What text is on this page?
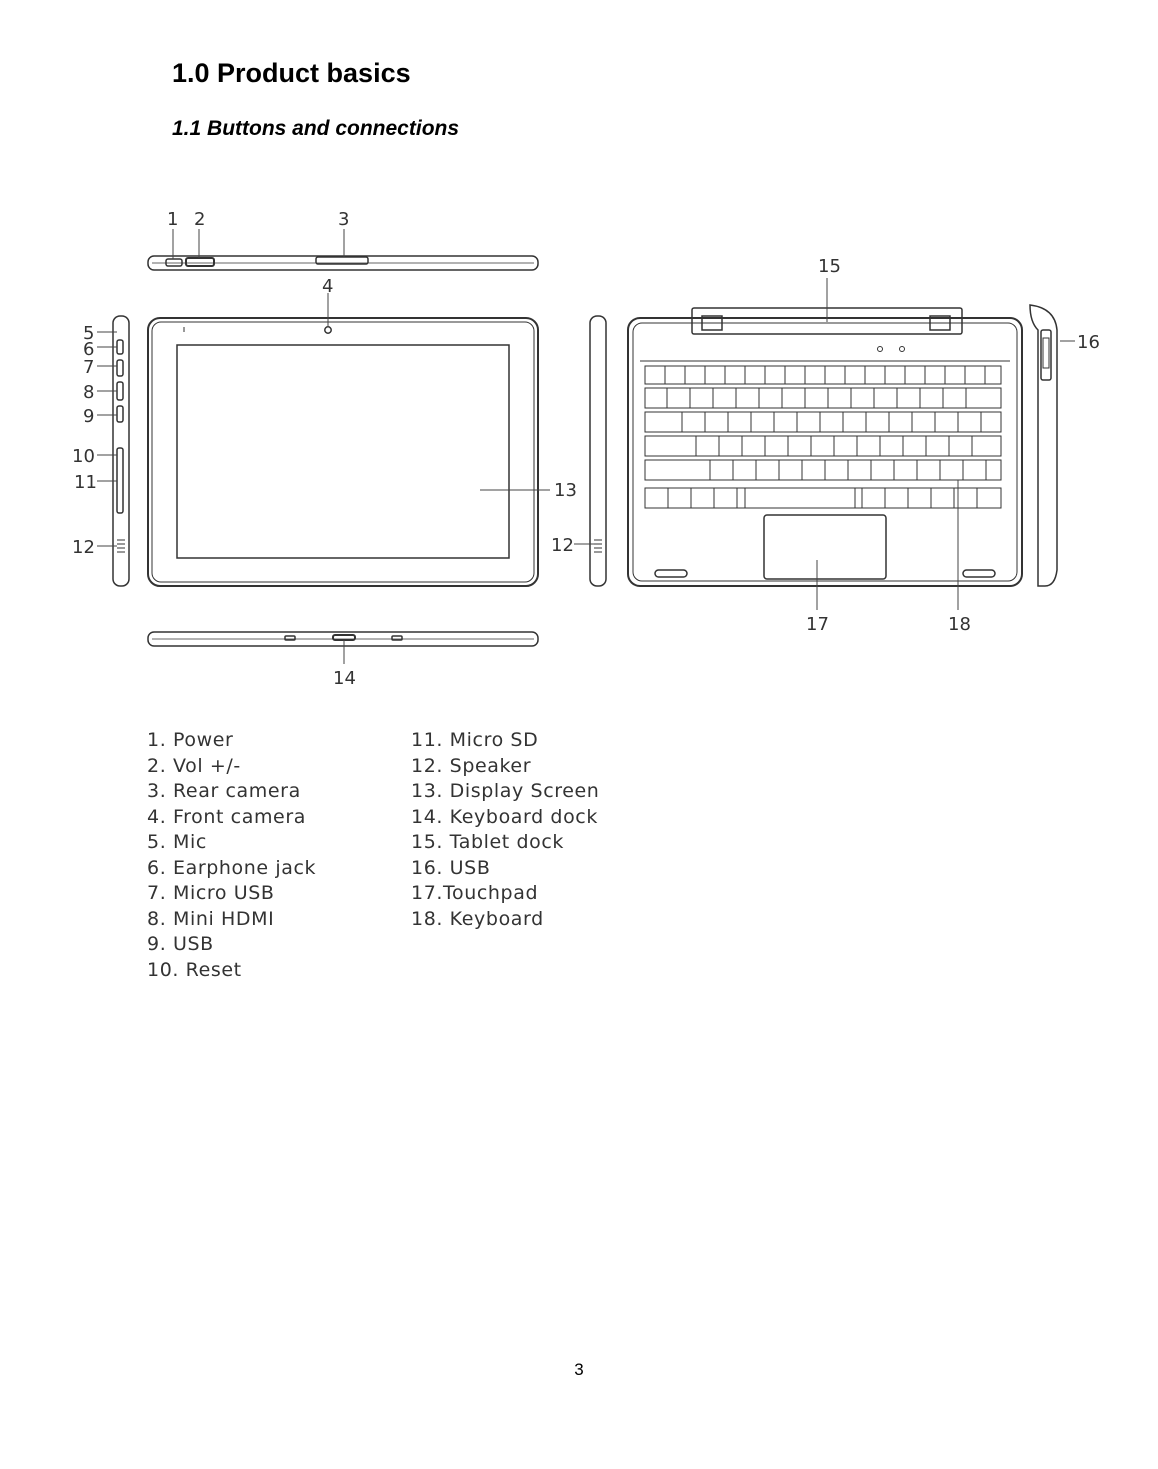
1.0 Product basics
1.1 Buttons and connections
1 2	3
4
5
6
7
8
9
10
11
12	12
13
14
15
16
17	18
1. Power
2. Vol +/-
3. Rear camera
4. Front camera
5. Mic
6. Earphone jack
7. Micro USB
8. Mini HDMI
9. USB
10. Reset
11. Micro SD
12. Speaker
13. Display Screen
14. Keyboard dock
15. Tablet dock
16. USB
17.Touchpad
18. Keyboard
3
